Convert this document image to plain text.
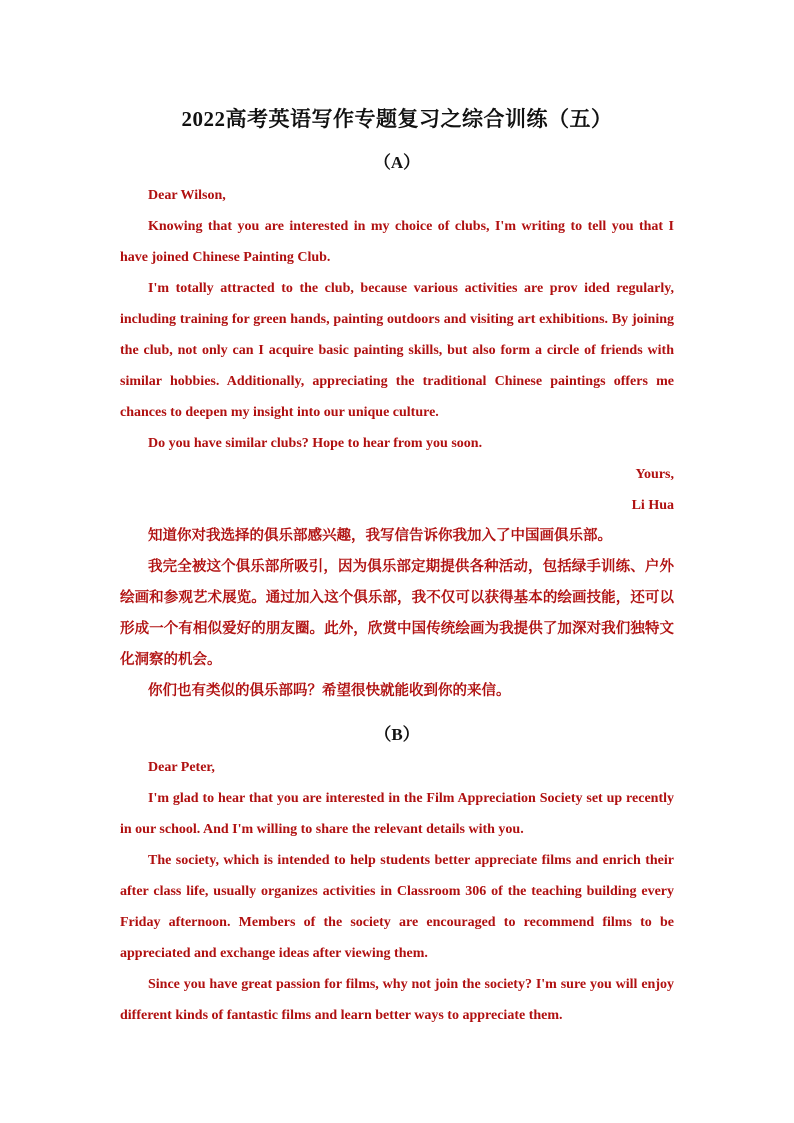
2022高考英语写作专题复习之综合训练（五）
（A）

Dear Wilson,

Knowing that you are interested in my choice of clubs, I'm writing to tell you that I have joined Chinese Painting Club.

I'm totally attracted to the club, because various activities are prov ided regularly, including training for green hands, painting outdoors and visiting art exhibitions. By joining the club, not only can I acquire basic painting skills, but also form a circle of friends with similar hobbies. Additionally, appreciating the traditional Chinese paintings offers me chances to deepen my insight into our unique culture.

Do you have similar clubs? Hope to hear from you soon.

Yours,

Li Hua

知道你对我选择的俱乐部感兴趣，我写信告诉你我加入了中国画俱乐部。

我完全被这个俱乐部所吸引，因为俱乐部定期提供各种活动，包括绿手训练、户外绘画和参观艺术展览。通过加入这个俱乐部，我不仅可以获得基本的绘画技能，还可以形成一个有相似爱好的朋友圈。此外，欣赏中国传统绘画为我提供了加深对我们独特文化洞察的机会。

你们也有类似的俱乐部吗？希望很快就能收到你的来信。

（B）

Dear Peter,

I'm glad to hear that you are interested in the Film Appreciation Society set up recently in our school. And I'm willing to share the relevant details with you.

The society, which is intended to help students better appreciate films and enrich their after class life, usually organizes activities in Classroom 306 of the teaching building every Friday afternoon. Members of the society are encouraged to recommend films to be appreciated and exchange ideas after viewing them.

Since you have great passion for films, why not join the society? I'm sure you will enjoy different kinds of fantastic films and learn better ways to appreciate them.
